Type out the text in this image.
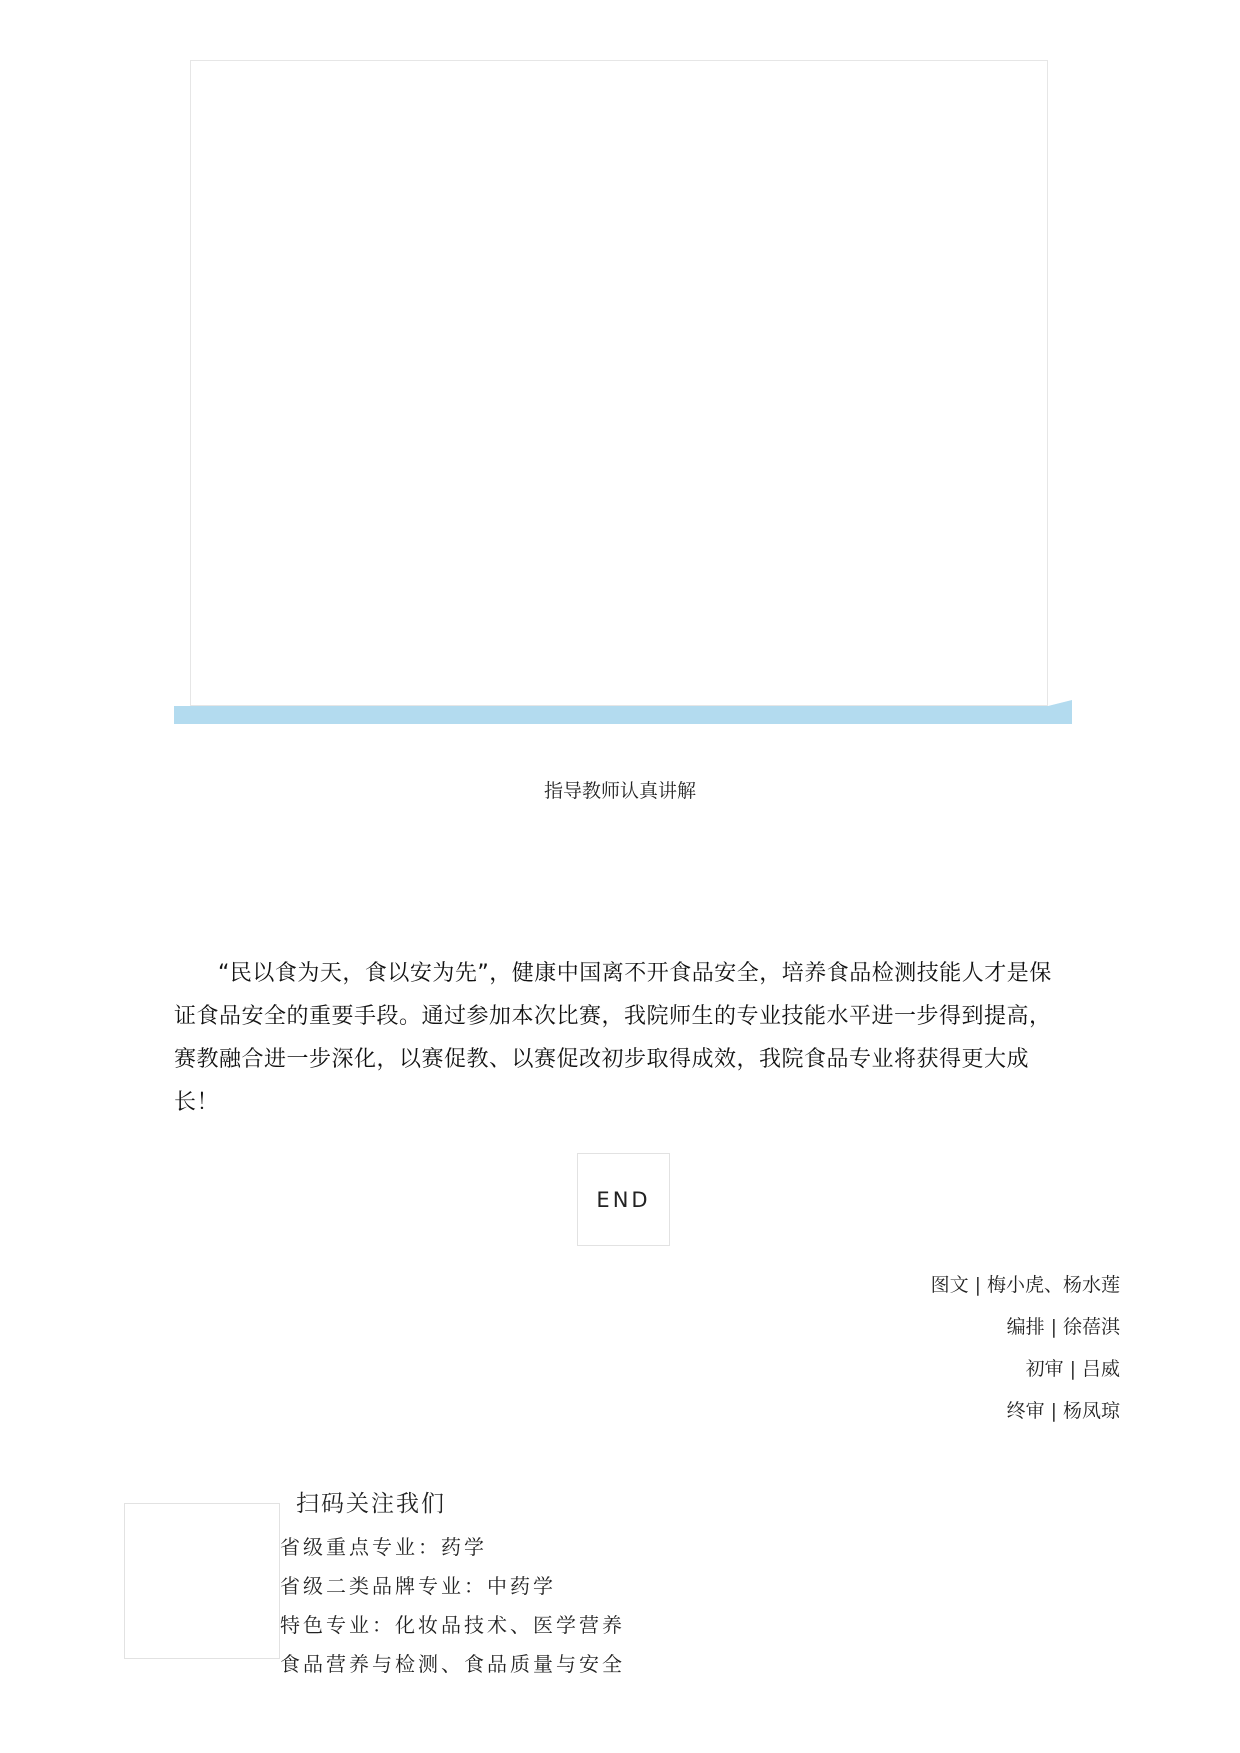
指导教师认真讲解
“民以食为天，食以安为先”，健康中国离不开食品安全，培养食品检测技能人才是保证食品安全的重要手段。通过参加本次比赛，我院师生的专业技能水平进一步得到提高，赛教融合进一步深化，以赛促教、以赛促改初步取得成效，我院食品专业将获得更大成长！
END
图文 | 梅小虎、杨水莲
编排 | 徐蓓淇
初审 | 吕威
终审 | 杨凤琼
扫码关注我们
省级重点专业：药学
省级二类品牌专业：中药学
特色专业：化妆品技术、医学营养
食品营养与检测、食品质量与安全
